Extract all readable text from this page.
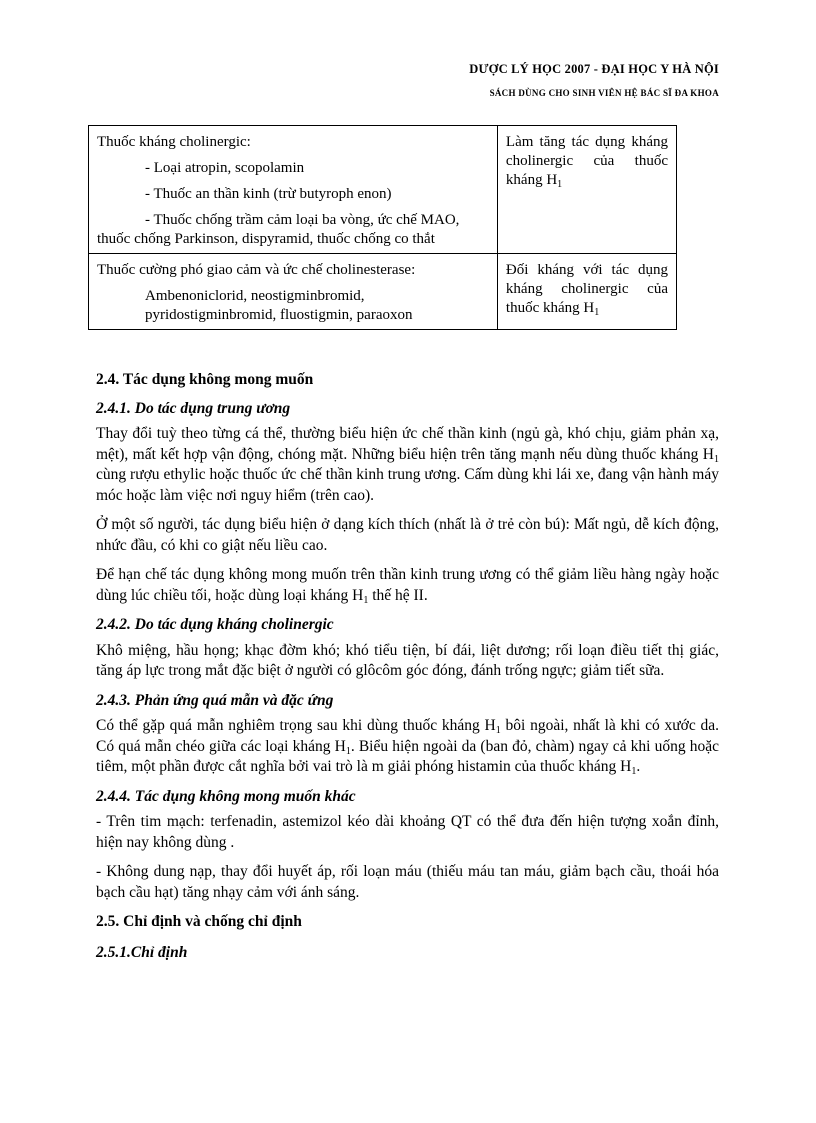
DƯỢC LÝ HỌC 2007 - ĐẠI HỌC Y HÀ NỘI
SÁCH DÙNG CHO SINH VIÊN HỆ BÁC SĨ ĐA KHOA
Thuốc kháng cholinergic:
- Loại atropin, scopolamin
- Thuốc an thần kinh (trừ butyroph enon)
- Thuốc chống trầm cảm loại ba vòng, ức chế MAO, thuốc chống Parkinson, dispyramid, thuốc chống co thắt	Làm tăng tác dụng kháng cholinergic của thuốc kháng $H_1$

Thuốc cường phó giao cảm và ức chế cholinesterase:
Ambenoniclorid, neostigminbromid, pyridostigminbromid, fluostigmin, paraoxon	Đối kháng với tác dụng kháng cholinergic của thuốc kháng $H_1$
2.4. Tác dụng không mong muốn
2.4.1. Do tác dụng trung ương

Thay đổi tuỳ theo từng cá thể, thường biểu hiện ức chế thần kinh (ngủ gà, khó chịu, giảm phản xạ, mệt), mất kết hợp vận động, chóng mặt. Những biểu hiện trên tăng mạnh nếu dùng thuốc kháng $H_1$ cùng rượu ethylic hoặc thuốc ức chế thần kinh trung ương. Cấm dùng khi lái xe, đang vận hành máy móc hoặc làm việc nơi nguy hiểm (trên cao).

Ở một số người, tác dụng biểu hiện ở dạng kích thích (nhất là ở trẻ còn bú): Mất ngủ, dễ kích động, nhức đầu, có khi co giật nếu liều cao.

Để hạn chế tác dụng không mong muốn trên thần kinh trung ương có thể giảm liều hàng ngày hoặc dùng lúc chiều tối, hoặc dùng loại kháng $H_1$ thế hệ II.

2.4.2. Do tác dụng kháng cholinergic

Khô miệng, hầu họng; khạc đờm khó; khó tiểu tiện, bí đái, liệt dương; rối loạn điều tiết thị giác, tăng áp lực trong mắt đặc biệt ở người có glôcôm góc đóng, đánh trống ngực; giảm tiết sữa.

2.4.3. Phản ứng quá mẫn và đặc ứng

Có thể gặp quá mẫn nghiêm trọng sau khi dùng thuốc kháng $H_1$ bôi ngoài, nhất là khi có xước da. Có quá mẫn chéo giữa các loại kháng $H_1$. Biểu hiện ngoài da (ban đỏ, chàm) ngay cả khi uống hoặc tiêm, một phần được cắt nghĩa bởi vai trò là m giải phóng histamin của thuốc kháng $H_1$.

2.4.4. Tác dụng không mong muốn khác

- Trên tim mạch: terfenadin, astemizol kéo dài khoảng QT có thể đưa đến hiện tượng xoắn đỉnh, hiện nay không dùng .

- Không dung nạp, thay đổi huyết áp, rối loạn máu (thiếu máu tan máu, giảm bạch cầu, thoái hóa bạch cầu hạt) tăng nhạy cảm với ánh sáng.

2.5. Chỉ định và chống chỉ định
2.5.1.Chỉ định
